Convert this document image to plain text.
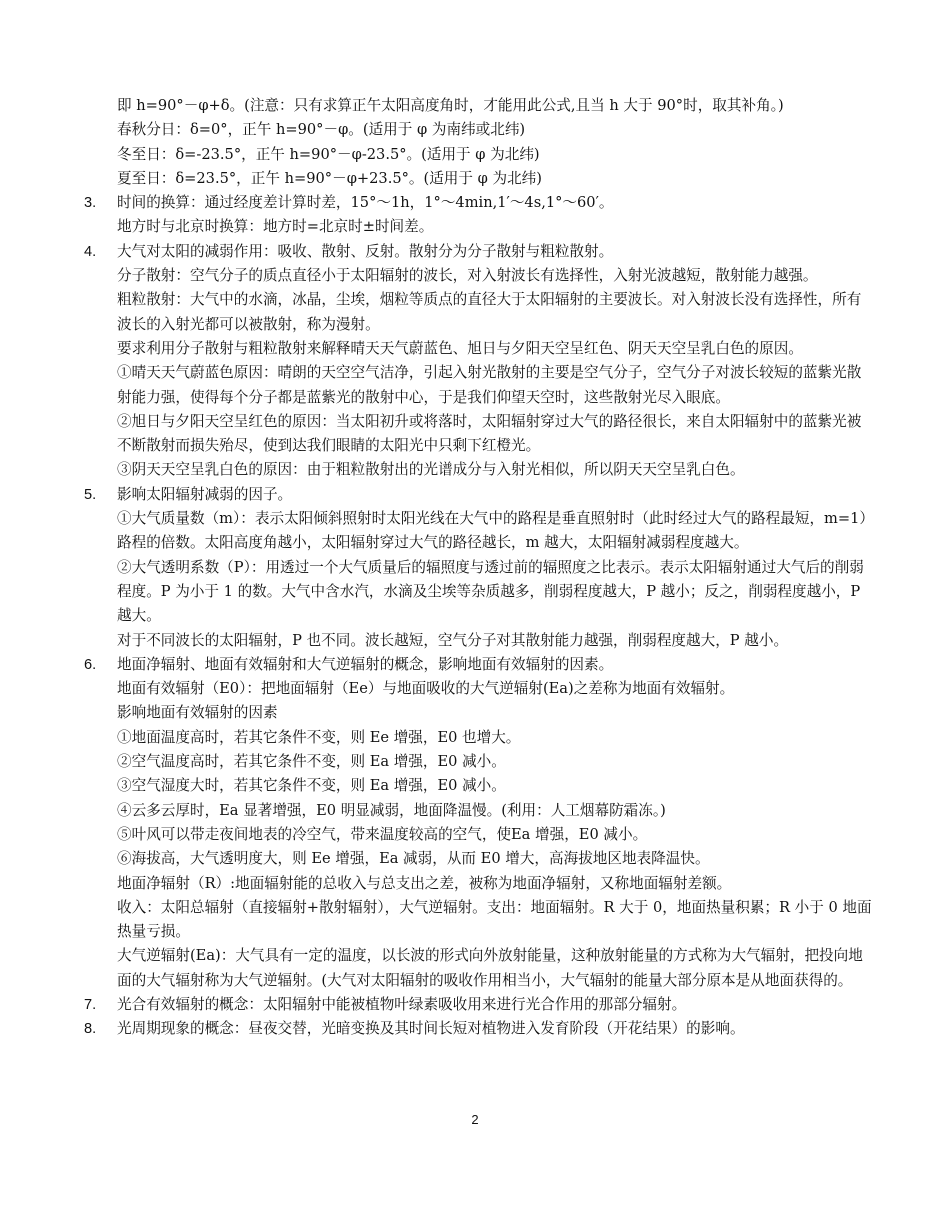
即 h=90°－φ+δ。(注意：只有求算正午太阳高度角时，才能用此公式,且当 h 大于 90°时，取其补角。)
春秋分日：δ=0°，正午 h=90°－φ。(适用于 φ 为南纬或北纬)
冬至日：δ=-23.5°，正午 h=90°－φ-23.5°。(适用于 φ 为北纬)
夏至日：δ=23.5°，正午 h=90°－φ+23.5°。(适用于 φ 为北纬)
3. 时间的换算：通过经度差计算时差，15°～1h，1°～4min,1′～4s,1°～60′。
地方时与北京时换算：地方时=北京时±时间差。
4. 大气对太阳的减弱作用：吸收、散射、反射。散射分为分子散射与粗粒散射。
分子散射：空气分子的质点直径小于太阳辐射的波长，对入射波长有选择性，入射光波越短，散射能力越强。
粗粒散射：大气中的水滴，冰晶，尘埃，烟粒等质点的直径大于太阳辐射的主要波长。对入射波长没有选择性，所有波长的入射光都可以被散射，称为漫射。
要求利用分子散射与粗粒散射来解释晴天天气蔚蓝色、旭日与夕阳天空呈红色、阴天天空呈乳白色的原因。
①晴天天气蔚蓝色原因：晴朗的天空空气洁净，引起入射光散射的主要是空气分子，空气分子对波长较短的蓝紫光散射能力强，使得每个分子都是蓝紫光的散射中心，于是我们仰望天空时，这些散射光尽入眼底。
②旭日与夕阳天空呈红色的原因：当太阳初升或将落时，太阳辐射穿过大气的路径很长，来自太阳辐射中的蓝紫光被不断散射而损失殆尽，使到达我们眼睛的太阳光中只剩下红橙光。
③阴天天空呈乳白色的原因：由于粗粒散射出的光谱成分与入射光相似，所以阴天天空呈乳白色。
5. 影响太阳辐射减弱的因子。
①大气质量数（m）：表示太阳倾斜照射时太阳光线在大气中的路程是垂直照射时（此时经过大气的路程最短，m=1）路程的倍数。太阳高度角越小，太阳辐射穿过大气的路径越长，m 越大，太阳辐射减弱程度越大。
②大气透明系数（P）：用透过一个大气质量后的辐照度与透过前的辐照度之比表示。表示太阳辐射通过大气后的削弱程度。P 为小于 1 的数。大气中含水汽，水滴及尘埃等杂质越多，削弱程度越大，P 越小；反之，削弱程度越小，P 越大。
对于不同波长的太阳辐射，P 也不同。波长越短，空气分子对其散射能力越强，削弱程度越大，P 越小。
6. 地面净辐射、地面有效辐射和大气逆辐射的概念，影响地面有效辐射的因素。
地面有效辐射（E0）：把地面辐射（Ee）与地面吸收的大气逆辐射(Ea)之差称为地面有效辐射。
影响地面有效辐射的因素
①地面温度高时，若其它条件不变，则 Ee 增强，E0 也增大。
②空气温度高时，若其它条件不变，则 Ea 增强，E0 减小。
③空气湿度大时，若其它条件不变，则 Ea 增强，E0 减小。
④云多云厚时，Ea 显著增强，E0 明显减弱，地面降温慢。(利用：人工烟幕防霜冻。)
⑤叶风可以带走夜间地表的冷空气，带来温度较高的空气，使Ea 增强，E0 减小。
⑥海拔高，大气透明度大，则 Ee 增强，Ea 减弱，从而 E0 增大，高海拔地区地表降温快。
地面净辐射（R）:地面辐射能的总收入与总支出之差，被称为地面净辐射，又称地面辐射差额。
收入：太阳总辐射（直接辐射+散射辐射），大气逆辐射。支出：地面辐射。R 大于 0，地面热量积累；R 小于 0 地面热量亏损。
大气逆辐射(Ea)：大气具有一定的温度，以长波的形式向外放射能量，这种放射能量的方式称为大气辐射，把投向地面的大气辐射称为大气逆辐射。(大气对太阳辐射的吸收作用相当小，大气辐射的能量大部分原本是从地面获得的。
7. 光合有效辐射的概念：太阳辐射中能被植物叶绿素吸收用来进行光合作用的那部分辐射。
8. 光周期现象的概念：昼夜交替，光暗变换及其时间长短对植物进入发育阶段（开花结果）的影响。
2
